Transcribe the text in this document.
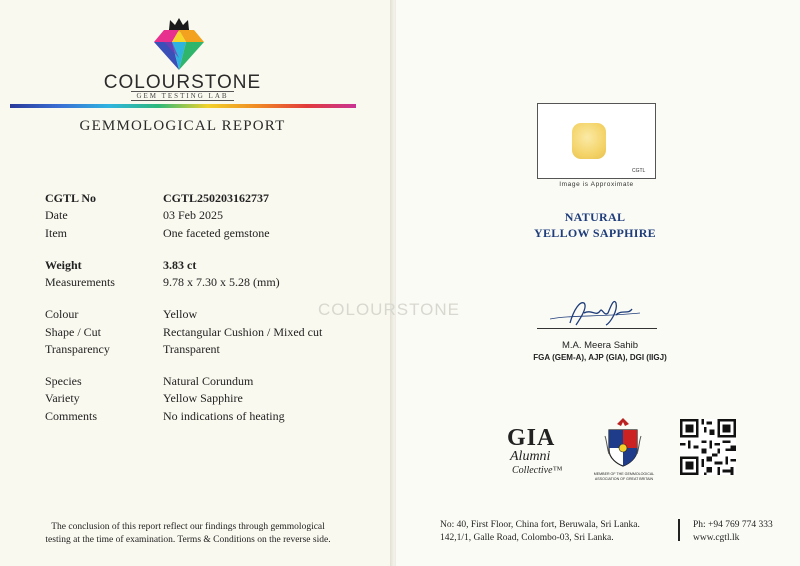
COLOURSTONE
GEM TESTING LAB
GEMMOLOGICAL REPORT
CGTL No	CGTL250203162737
Date	03 Feb 2025
Item	One faceted gemstone
Weight	3.83 ct
Measurements	9.78 x 7.30 x 5.28 (mm)
Colour	Yellow
Shape / Cut	Rectangular Cushion / Mixed cut
Transparency	Transparent
Species	Natural Corundum
Variety	Yellow Sapphire
Comments	No indications of heating
The conclusion of this report reflect our findings through gemmological
testing at the time of examination. Terms & Conditions on the reverse side.
COLOURSTONE
CGTL
Image is Approximate
NATURAL
YELLOW SAPPHIRE
M.A. Meera Sahib
FGA (GEM-A), AJP (GIA), DGI (IIGJ)
GIA
Alumni
Collective™	MEMBER OF THE GEMMOLOGICAL
ASSOCIATION OF GREAT BRITAIN
No: 40, First Floor, China fort, Beruwala, Sri Lanka.
142,1/1, Galle Road, Colombo-03, Sri Lanka.
Ph: +94 769 774 333
www.cgtl.lk
